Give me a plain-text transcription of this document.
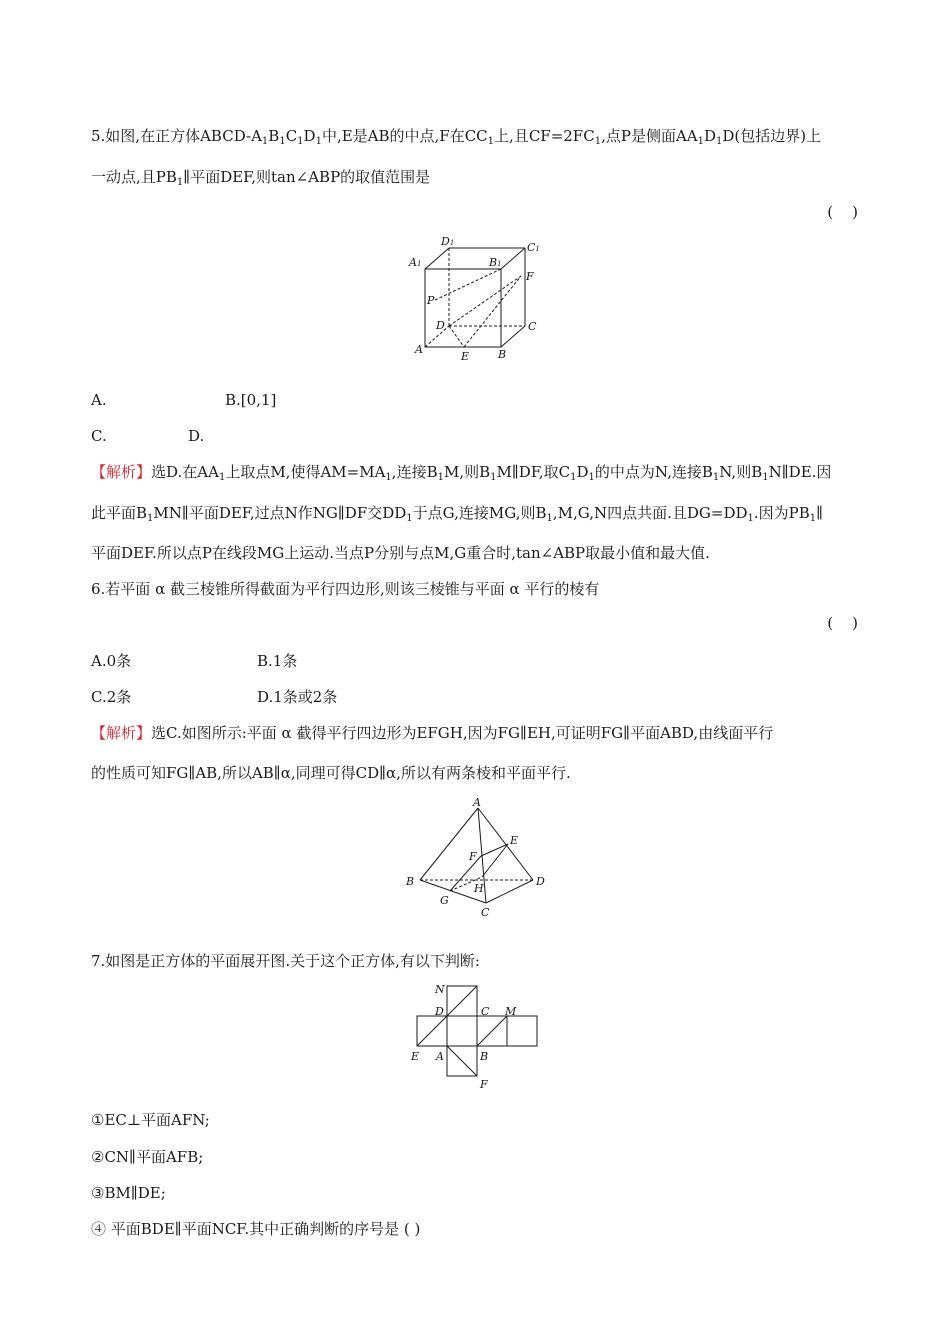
5.如图,在正方体ABCD-$A_1B_1C_1D_1$中,E是AB的中点,F在$CC_1$上,且$CF=2FC_1$,点P是侧面$AA_1D_1D$(包括边界)上
一动点,且$PB_1\parallel$平面DEF,则tan∠ABP的取值范围是
(    )
D1	C1
A1	B1
F
P
D	C
A
E	B
A.	B.[0,1]
C.	D.
【解析】选D.在$AA_1$上取点M,使得$AM=MA_1$,连接$B_1M$,则$B_1M\parallel DF$,取$C_1D_1$的中点为N,连接$B_1N$,则$B_1N\parallel DE$.因
此平面$B_1MN\parallel$平面DEF,过点N作NG∥DF交$DD_1$于点G,连接MG,则$B_1,M,G,N$四点共面.且$DG=DD_1$.因为$PB_1\parallel$
平面DEF.所以点P在线段MG上运动.当点P分别与点M,G重合时,tan∠ABP取最小值和最大值.
6.若平面 α 截三棱锥所得截面为平行四边形,则该三棱锥与平面 α 平行的棱有
(    )
A.0条	B.1条
C.2条	D.1条或2条
【解析】选C.如图所示:平面 α 截得平行四边形为EFGH,因为FG∥EH,可证明FG∥平面ABD,由线面平行
的性质可知FG∥AB,所以AB∥α,同理可得CD∥α,所以有两条棱和平面平行.
A
E
F
B
H
D
G
C
7.如图是正方体的平面展开图.关于这个正方体,有以下判断:
N
D	C M
E A	B
F
①EC⊥平面AFN;
②CN∥平面AFB;
③BM∥DE;
④ 平面BDE∥平面NCF.其中正确判断的序号是 ( )
